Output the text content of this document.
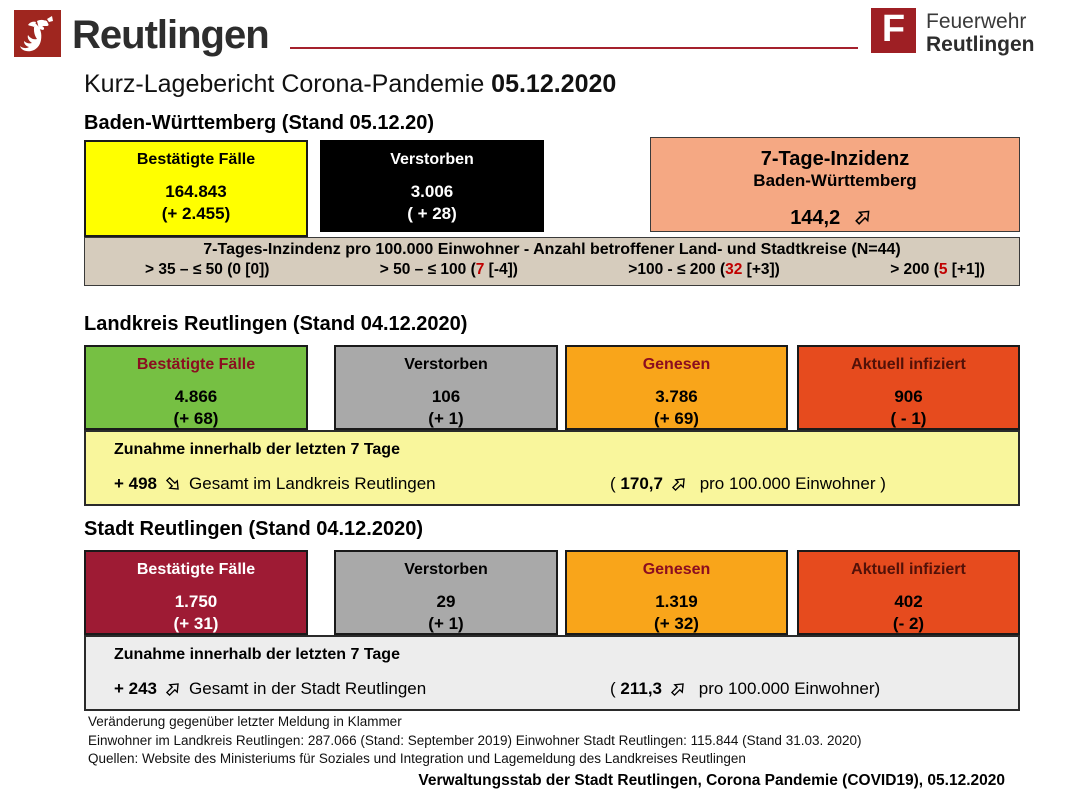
Reutlingen	F Feuerwehr
Reutlingen
Kurz-Lagebericht Corona-Pandemie 05.12.2020
Baden-Württemberg (Stand 05.12.20)
Bestätigte Fälle
164.843
(+ 2.455)
Verstorben
3.006
( + 28)
7-Tage-Inzidenz
Baden-Württemberg
144,2
7-Tages-Inzindenz pro 100.000 Einwohner - Anzahl betroffener Land- und Stadtkreise (N=44)
> 35 – ≤ 50 (0 [0])	> 50 – ≤ 100 (7 [-4])	>100 - ≤ 200 (32 [+3])	> 200 (5 [+1])
Landkreis Reutlingen (Stand 04.12.2020)
Bestätigte Fälle
4.866
(+ 68)
Verstorben
106
(+ 1)
Genesen
3.786
(+ 69)
Aktuell infiziert
906
( - 1)
Zunahme innerhalb der letzten 7 Tage
+ 498 Gesamt im Landkreis Reutlingen	(
170,7
pro 100.000 Einwohner )
Stadt Reutlingen (Stand 04.12.2020)
Bestätigte Fälle
1.750
(+ 31)
Verstorben
29
(+ 1)
Genesen
1.319
(+ 32)
Aktuell infiziert
402
(- 2)
Zunahme innerhalb der letzten 7 Tage
+ 243 Gesamt in der Stadt Reutlingen	(
211,3
pro 100.000 Einwohner)
Veränderung gegenüber letzter Meldung in Klammer
Einwohner im Landkreis Reutlingen: 287.066 (Stand: September 2019) Einwohner Stadt Reutlingen: 115.844 (Stand 31.03. 2020)
Quellen: Website des Ministeriums für Soziales und Integration und Lagemeldung des Landkreises Reutlingen
Verwaltungsstab der Stadt Reutlingen, Corona Pandemie (COVID19), 05.12.2020
